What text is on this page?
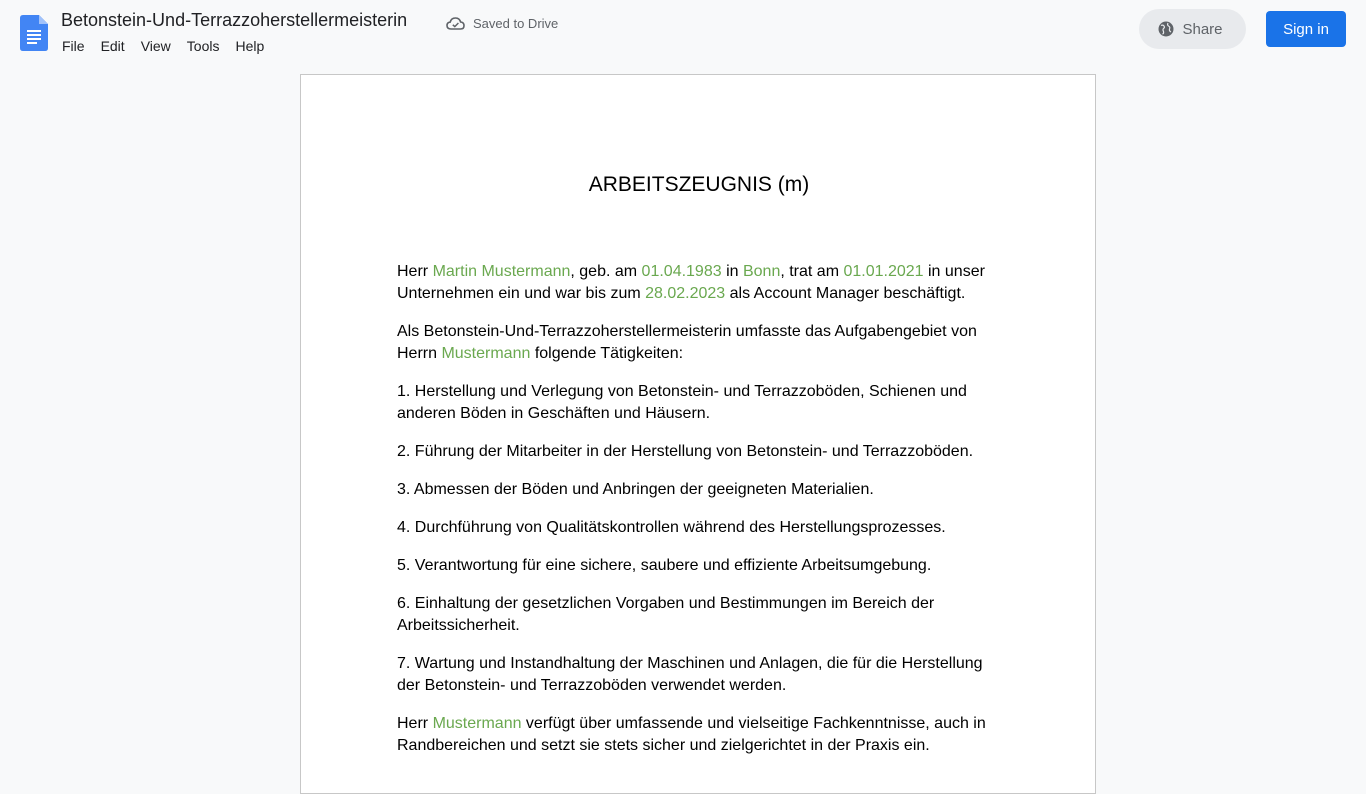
Betonstein-Und-Terrazzoherstellermeisterin	Saved to Drive
File Edit View Tools Help
Share	Sign in
ARBEITSZEUGNIS (m)

Herr Martin Mustermann, geb. am 01.04.1983 in Bonn, trat am 01.01.2021 in unser Unternehmen ein und war bis zum 28.02.2023 als Account Manager beschäftigt.

Als Betonstein-Und-Terrazzoherstellermeisterin umfasste das Aufgabengebiet von Herrn Mustermann folgende Tätigkeiten:

1. Herstellung und Verlegung von Betonstein- und Terrazzoböden, Schienen und anderen Böden in Geschäften und Häusern.

2. Führung der Mitarbeiter in der Herstellung von Betonstein- und Terrazzoböden.

3. Abmessen der Böden und Anbringen der geeigneten Materialien.

4. Durchführung von Qualitätskontrollen während des Herstellungsprozesses.

5. Verantwortung für eine sichere, saubere und effiziente Arbeitsumgebung.

6. Einhaltung der gesetzlichen Vorgaben und Bestimmungen im Bereich der Arbeitssicherheit.

7. Wartung und Instandhaltung der Maschinen und Anlagen, die für die Herstellung der Betonstein- und Terrazzoböden verwendet werden.

Herr Mustermann verfügt über umfassende und vielseitige Fachkenntnisse, auch in Randbereichen und setzt sie stets sicher und zielgerichtet in der Praxis ein.
